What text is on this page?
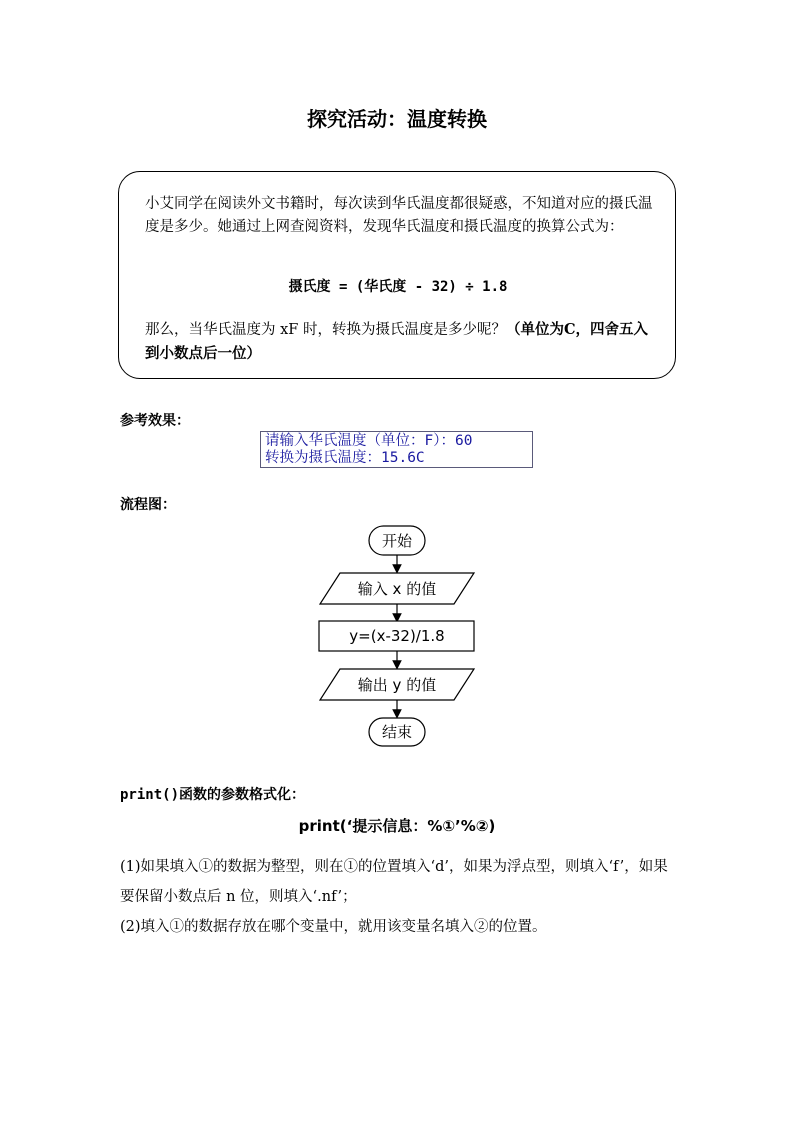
探究活动：温度转换
小艾同学在阅读外文书籍时，每次读到华氏温度都很疑惑，不知道对应的摄氏温度是多少。她通过上网查阅资料，发现华氏温度和摄氏温度的换算公式为：
摄氏度 = (华氏度 - 32) ÷ 1.8
那么，当华氏温度为 xF 时，转换为摄氏温度是多少呢？（单位为C，四舍五入到小数点后一位）
参考效果：
请输入华氏温度（单位：F）：60
转换为摄氏温度：15.6C
流程图：
开始
输入 x 的值
y=(x-32)/1.8
输出 y 的值
结束
print()函数的参数格式化：
print(‘提示信息：%①’%②)
(1)如果填入①的数据为整型，则在①的位置填入‘d’，如果为浮点型，则填入‘f’，如果要保留小数点后 n 位，则填入‘.nf’；
(2)填入①的数据存放在哪个变量中，就用该变量名填入②的位置。
